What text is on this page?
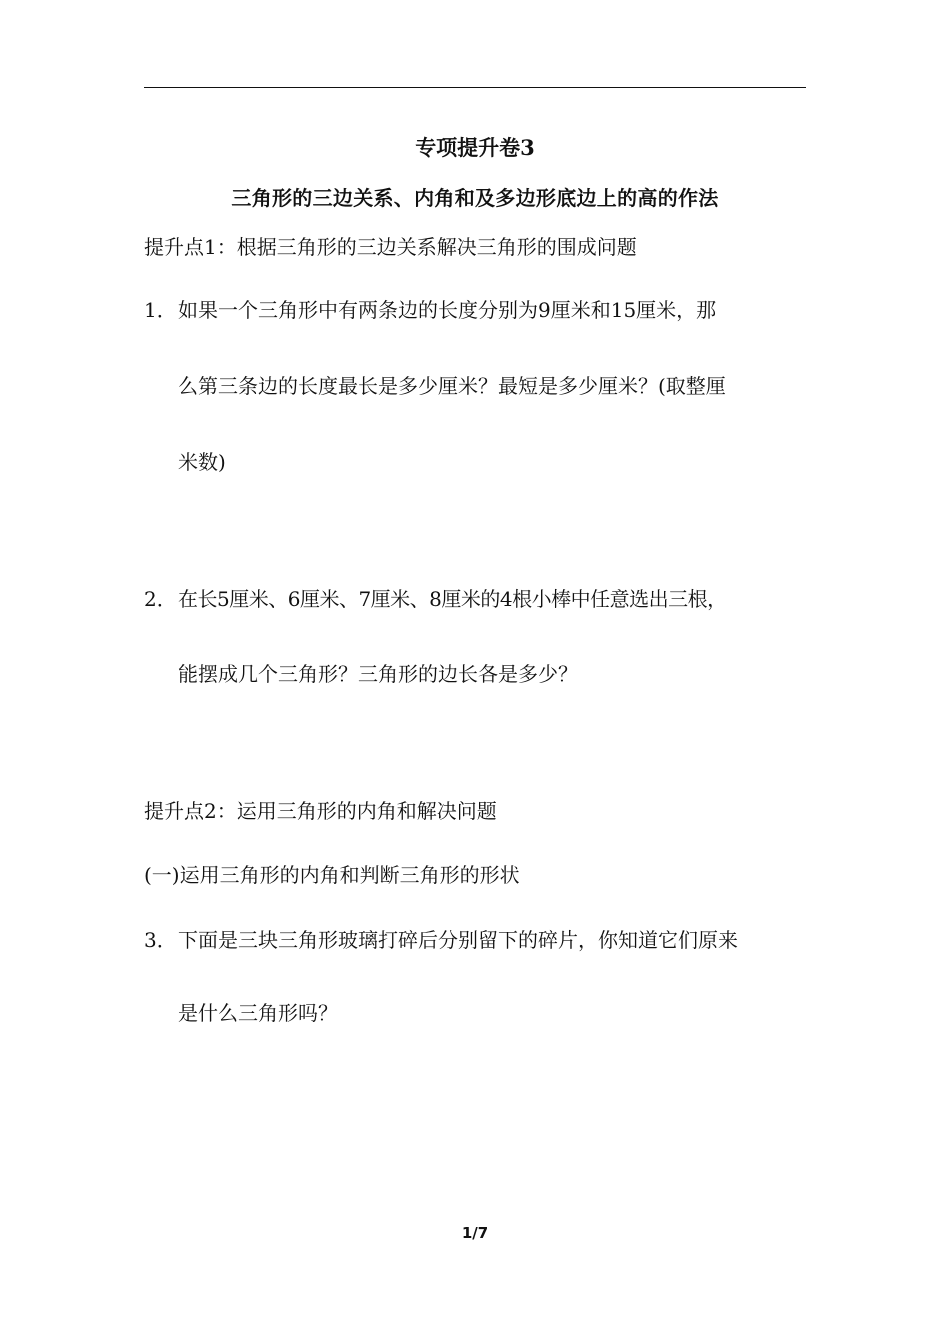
专项提升卷3
三角形的三边关系、内角和及多边形底边上的高的作法
提升点1：根据三角形的三边关系解决三角形的围成问题
1． 如果一个三角形中有两条边的长度分别为9厘米和15厘米，那
么第三条边的长度最长是多少厘米？最短是多少厘米？(取整厘
米数)
2． 在长5厘米、6厘米、7厘米、8厘米的4根小棒中任意选出三根，
能摆成几个三角形？三角形的边长各是多少？
提升点2：运用三角形的内角和解决问题
(一)运用三角形的内角和判断三角形的形状
3． 下面是三块三角形玻璃打碎后分别留下的碎片，你知道它们原来
是什么三角形吗？
1/7
